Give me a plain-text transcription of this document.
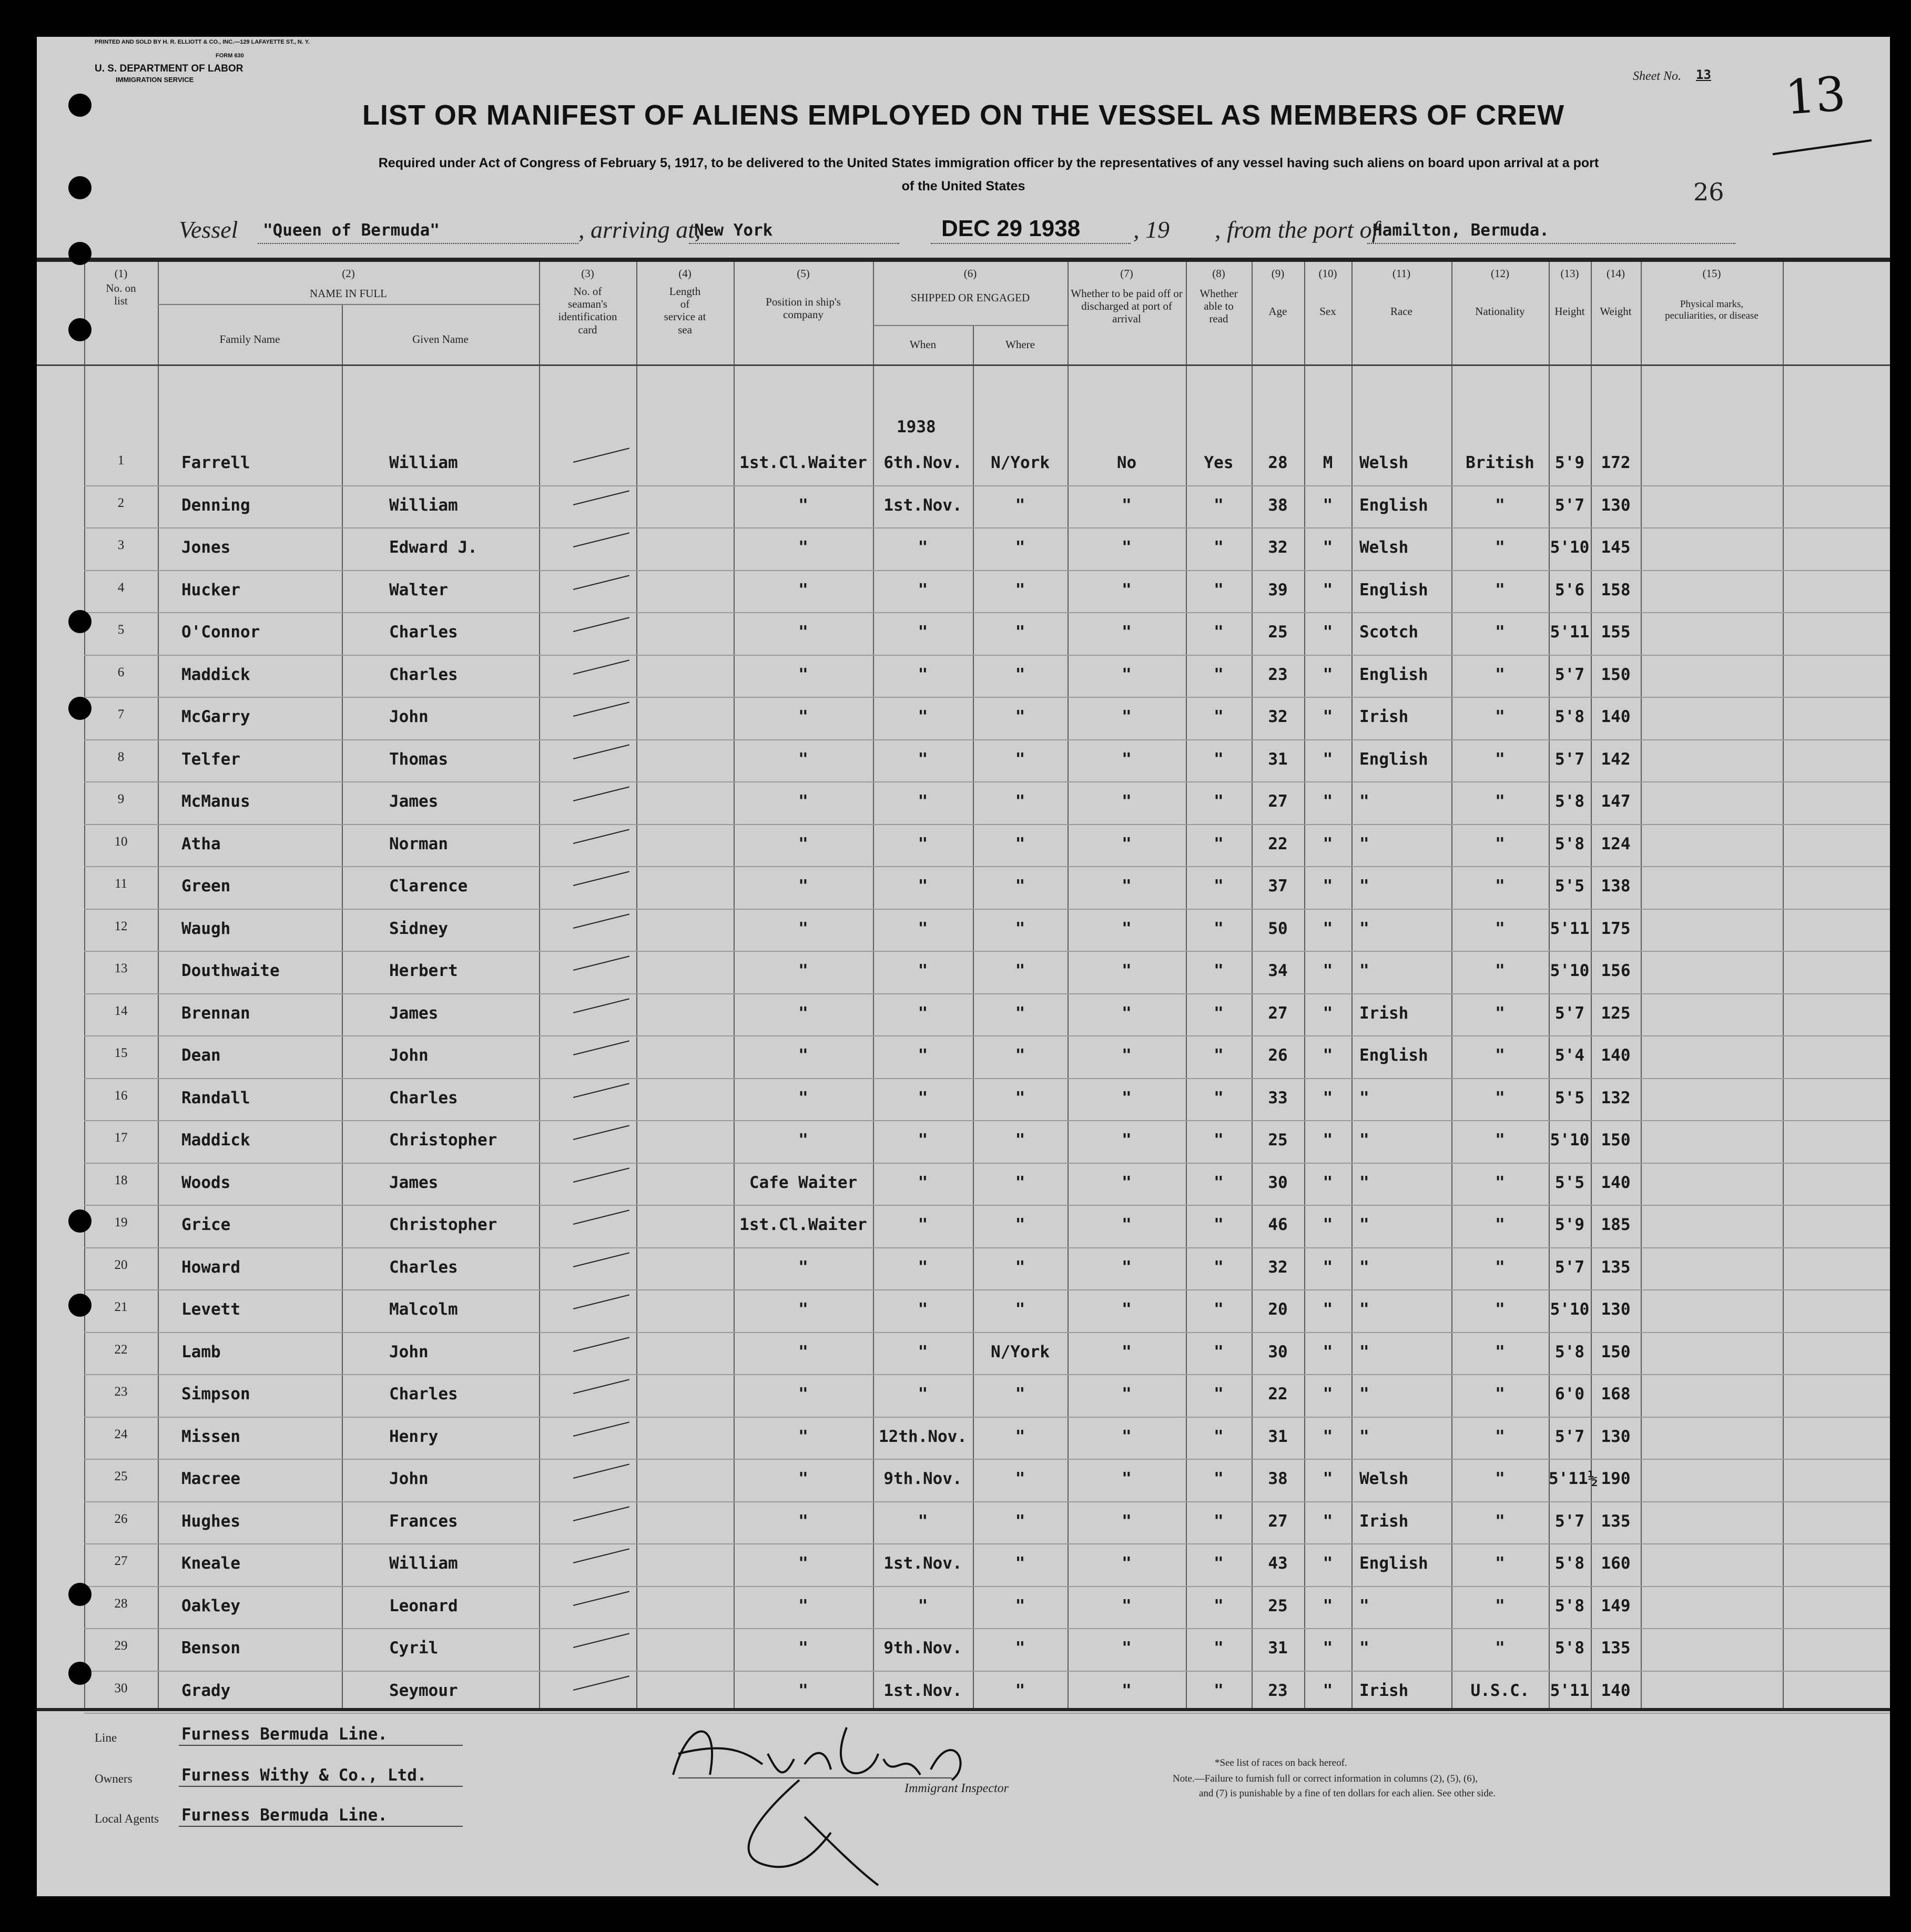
PRINTED AND SOLD BY H. R. ELLIOTT & CO., INC.—129 LAFAYETTE ST., N. Y.
FORM 630
U. S. DEPARTMENT OF LABOR
IMMIGRATION SERVICE	Sheet No. 13 13
26
LIST OR MANIFEST OF ALIENS EMPLOYED ON THE VESSEL AS MEMBERS OF CREW
Required under Act of Congress of February 5, 1917, to be delivered to the United States immigration officer by the representatives of any vessel having such aliens on board upon arrival at a port
of the United States
Vessel "Queen of Bermuda"	, arriving at,
New York	DEC 29 1938 , 19 , from the port of
Hamilton, Bermuda.
(1)
No. on list
(2)
NAME IN FULL
Family Name	Given Name
(3)
No. of seaman's identification card
(4)
Length of service at sea
(5)
Position in ship's company
(6)
SHIPPED OR ENGAGED
When	Where
(7)
Whether to be paid off or discharged at port of arrival
(8)
Whether able to read
(9)
Age
(10)
Sex
(11)
Race
(12)
Nationality
(13)
Height
(14)
Weight
(15)
Physical marks, peculiarities, or disease
1938
1	Farrell	William	1st.Cl.Waiter	6th.Nov.	N/York	No	Yes	28	M	Welsh	British	5'9	172
2	Denning	William	"	1st.Nov.	"	"	"	38	"	English	"	5'7	130
3	Jones	Edward J.	"	"	"	"	"	32	"	Welsh	"	5'10 145
4	Hucker	Walter	"	"	"	"	"	39	"	English	"	5'6	158
5	O'Connor	Charles	"	"	"	"	"	25	"	Scotch	"	5'11 155
6	Maddick	Charles	"	"	"	"	"	23	"	English	"	5'7	150
7	McGarry	John	"	"	"	"	"	32	"	Irish	"	5'8	140
8	Telfer	Thomas	"	"	"	"	"	31	"	English	"	5'7	142
9	McManus	James	"	"	"	"	"	27	"	"	"	5'8	147
10	Atha	Norman	"	"	"	"	"	22	"	"	"	5'8	124
11	Green	Clarence	"	"	"	"	"	37	"	"	"	5'5	138
12	Waugh	Sidney	"	"	"	"	"	50	"	"	"	5'11 175
13	Douthwaite	Herbert	"	"	"	"	"	34	"	"	"	5'10 156
14	Brennan	James	"	"	"	"	"	27	"	Irish	"	5'7	125
15	Dean	John	"	"	"	"	"	26	"	English	"	5'4	140
16	Randall	Charles	"	"	"	"	"	33	"	"	"	5'5	132
17	Maddick	Christopher	"	"	"	"	"	25	"	"	"	5'10 150
18	Woods	James	Cafe Waiter	"	"	"	"	30	"	"	"	5'5	140
19	Grice	Christopher	1st.Cl.Waiter	"	"	"	"	46	"	"	"	5'9	185
20	Howard	Charles	"	"	"	"	"	32	"	"	"	5'7	135
21	Levett	Malcolm	"	"	"	"	"	20	"	"	"	5'10 130
22	Lamb	John	"	"	N/York	"	"	30	"	"	"	5'8	150
23	Simpson	Charles	"	"	"	"	"	22	"	"	"	6'0	168
24	Missen	Henry	"	12th.Nov.	"	"	"	31	"	"	"	5'7	130
25	Macree	John	"	9th.Nov.	"	"	"	38	"	Welsh	"	5'11½ 190
26	Hughes	Frances	"	"	"	"	"	27	"	Irish	"	5'7	135
27	Kneale	William	"	1st.Nov.	"	"	"	43	"	English	"	5'8	160
28	Oakley	Leonard	"	"	"	"	"	25	"	"	"	5'8	149
29	Benson	Cyril	"	9th.Nov.	"	"	"	31	"	"	"	5'8	135
30	Grady	Seymour	"	1st.Nov.	"	"	"	23	"	Irish	U.S.C.	5'11 140
Line	Furness Bermuda Line.
Owners	Furness Withy & Co., Ltd.
Local Agents Furness Bermuda Line.
Immigrant Inspector
*See list of races on back hereof.
Note.—Failure to furnish full or correct information in columns (2), (5), (6),
and (7) is punishable by a fine of ten dollars for each alien. See other side.
